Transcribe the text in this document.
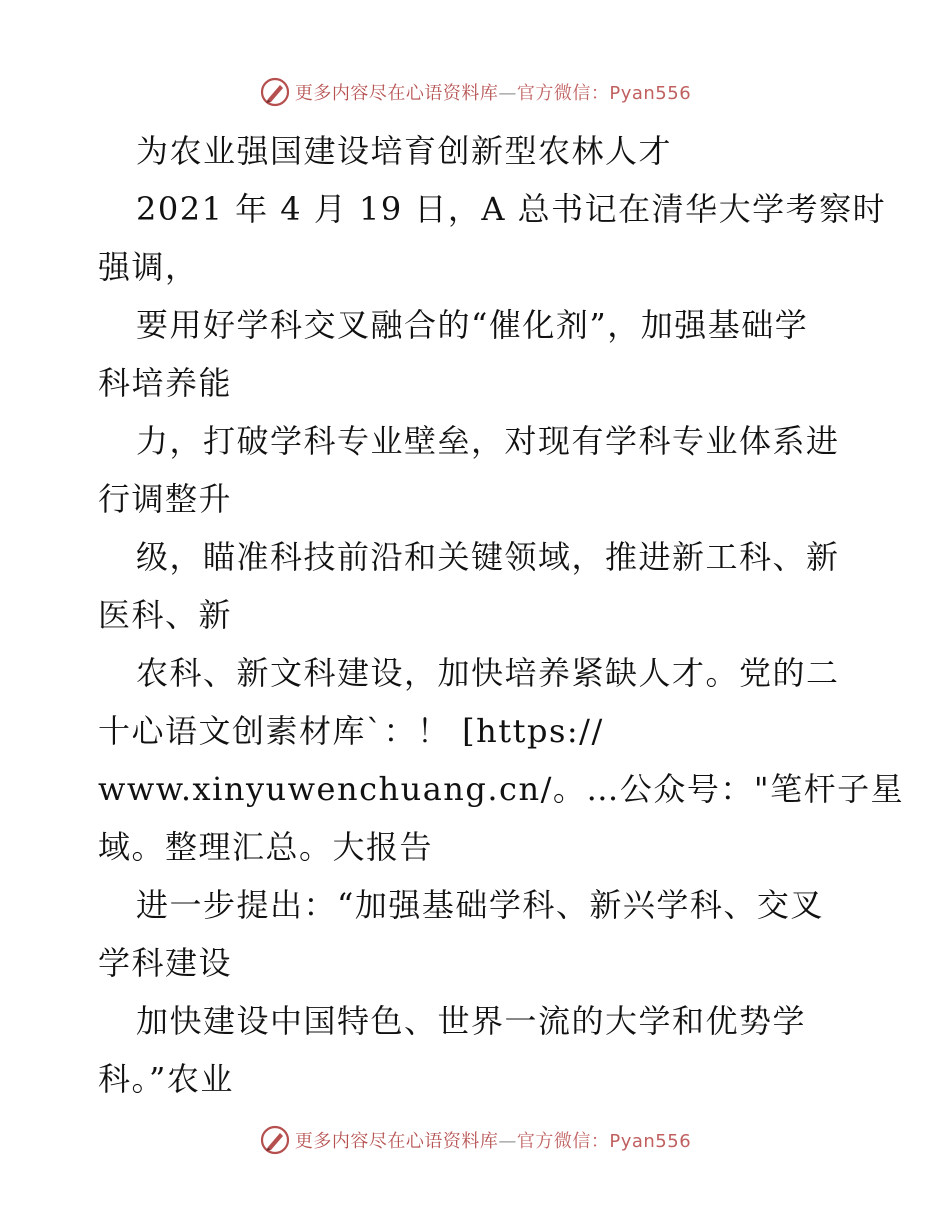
更多内容尽在心语资料库—官方微信：Pyan556
为农业强国建设培育创新型农林人才
2021 年 4 月 19 日，A 总书记在清华大学考察时
强调，
要用好学科交叉融合的“催化剂”，加强基础学
科培养能
力，打破学科专业壁垒，对现有学科专业体系进
行调整升
级，瞄准科技前沿和关键领域，推进新工科、新
医科、新
农科、新文科建设，加快培养紧缺人才。党的二
十心语文创素材库`：！ [https://
www.xinyuwenchuang.cn/。…公众号："笔杆子星
域。整理汇总。大报告
进一步提出：“加强基础学科、新兴学科、交叉
学科建设
加快建设中国特色、世界一流的大学和优势学
科。”农业
更多内容尽在心语资料库—官方微信：Pyan556
